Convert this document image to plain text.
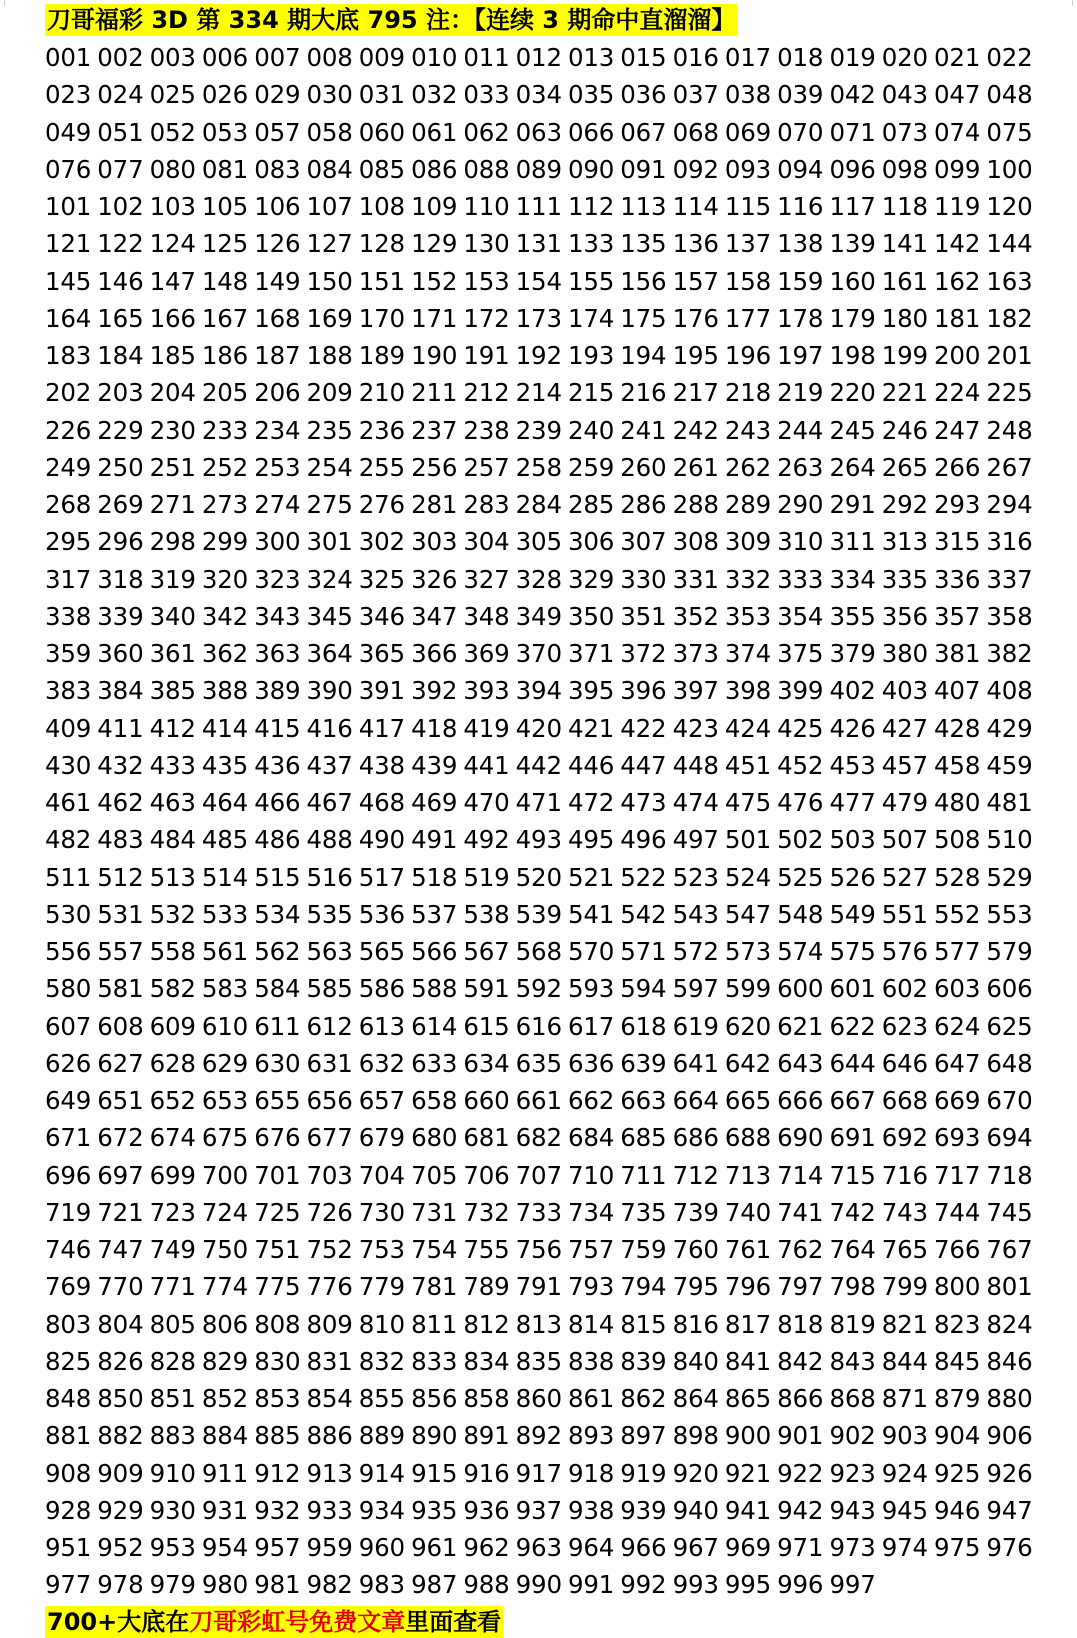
刀哥福彩 3D 第 334 期大底 795 注：【连续 3 期命中直溜溜】
001 002 003 006 007 008 009 010 011 012 013 015 016 017 018 019 020 021 022
023 024 025 026 029 030 031 032 033 034 035 036 037 038 039 042 043 047 048
049 051 052 053 057 058 060 061 062 063 066 067 068 069 070 071 073 074 075
076 077 080 081 083 084 085 086 088 089 090 091 092 093 094 096 098 099 100
101 102 103 105 106 107 108 109 110 111 112 113 114 115 116 117 118 119 120
121 122 124 125 126 127 128 129 130 131 133 135 136 137 138 139 141 142 144
145 146 147 148 149 150 151 152 153 154 155 156 157 158 159 160 161 162 163
164 165 166 167 168 169 170 171 172 173 174 175 176 177 178 179 180 181 182
183 184 185 186 187 188 189 190 191 192 193 194 195 196 197 198 199 200 201
202 203 204 205 206 209 210 211 212 214 215 216 217 218 219 220 221 224 225
226 229 230 233 234 235 236 237 238 239 240 241 242 243 244 245 246 247 248
249 250 251 252 253 254 255 256 257 258 259 260 261 262 263 264 265 266 267
268 269 271 273 274 275 276 281 283 284 285 286 288 289 290 291 292 293 294
295 296 298 299 300 301 302 303 304 305 306 307 308 309 310 311 313 315 316
317 318 319 320 323 324 325 326 327 328 329 330 331 332 333 334 335 336 337
338 339 340 342 343 345 346 347 348 349 350 351 352 353 354 355 356 357 358
359 360 361 362 363 364 365 366 369 370 371 372 373 374 375 379 380 381 382
383 384 385 388 389 390 391 392 393 394 395 396 397 398 399 402 403 407 408
409 411 412 414 415 416 417 418 419 420 421 422 423 424 425 426 427 428 429
430 432 433 435 436 437 438 439 441 442 446 447 448 451 452 453 457 458 459
461 462 463 464 466 467 468 469 470 471 472 473 474 475 476 477 479 480 481
482 483 484 485 486 488 490 491 492 493 495 496 497 501 502 503 507 508 510
511 512 513 514 515 516 517 518 519 520 521 522 523 524 525 526 527 528 529
530 531 532 533 534 535 536 537 538 539 541 542 543 547 548 549 551 552 553
556 557 558 561 562 563 565 566 567 568 570 571 572 573 574 575 576 577 579
580 581 582 583 584 585 586 588 591 592 593 594 597 599 600 601 602 603 606
607 608 609 610 611 612 613 614 615 616 617 618 619 620 621 622 623 624 625
626 627 628 629 630 631 632 633 634 635 636 639 641 642 643 644 646 647 648
649 651 652 653 655 656 657 658 660 661 662 663 664 665 666 667 668 669 670
671 672 674 675 676 677 679 680 681 682 684 685 686 688 690 691 692 693 694
696 697 699 700 701 703 704 705 706 707 710 711 712 713 714 715 716 717 718
719 721 723 724 725 726 730 731 732 733 734 735 739 740 741 742 743 744 745
746 747 749 750 751 752 753 754 755 756 757 759 760 761 762 764 765 766 767
769 770 771 774 775 776 779 781 789 791 793 794 795 796 797 798 799 800 801
803 804 805 806 808 809 810 811 812 813 814 815 816 817 818 819 821 823 824
825 826 828 829 830 831 832 833 834 835 838 839 840 841 842 843 844 845 846
848 850 851 852 853 854 855 856 858 860 861 862 864 865 866 868 871 879 880
881 882 883 884 885 886 889 890 891 892 893 897 898 900 901 902 903 904 906
908 909 910 911 912 913 914 915 916 917 918 919 920 921 922 923 924 925 926
928 929 930 931 932 933 934 935 936 937 938 939 940 941 942 943 945 946 947
951 952 953 954 957 959 960 961 962 963 964 966 967 969 971 973 974 975 976
977 978 979 980 981 982 983 987 988 990 991 992 993 995 996 997
700+大底在刀哥彩虹号免费文章里面查看
